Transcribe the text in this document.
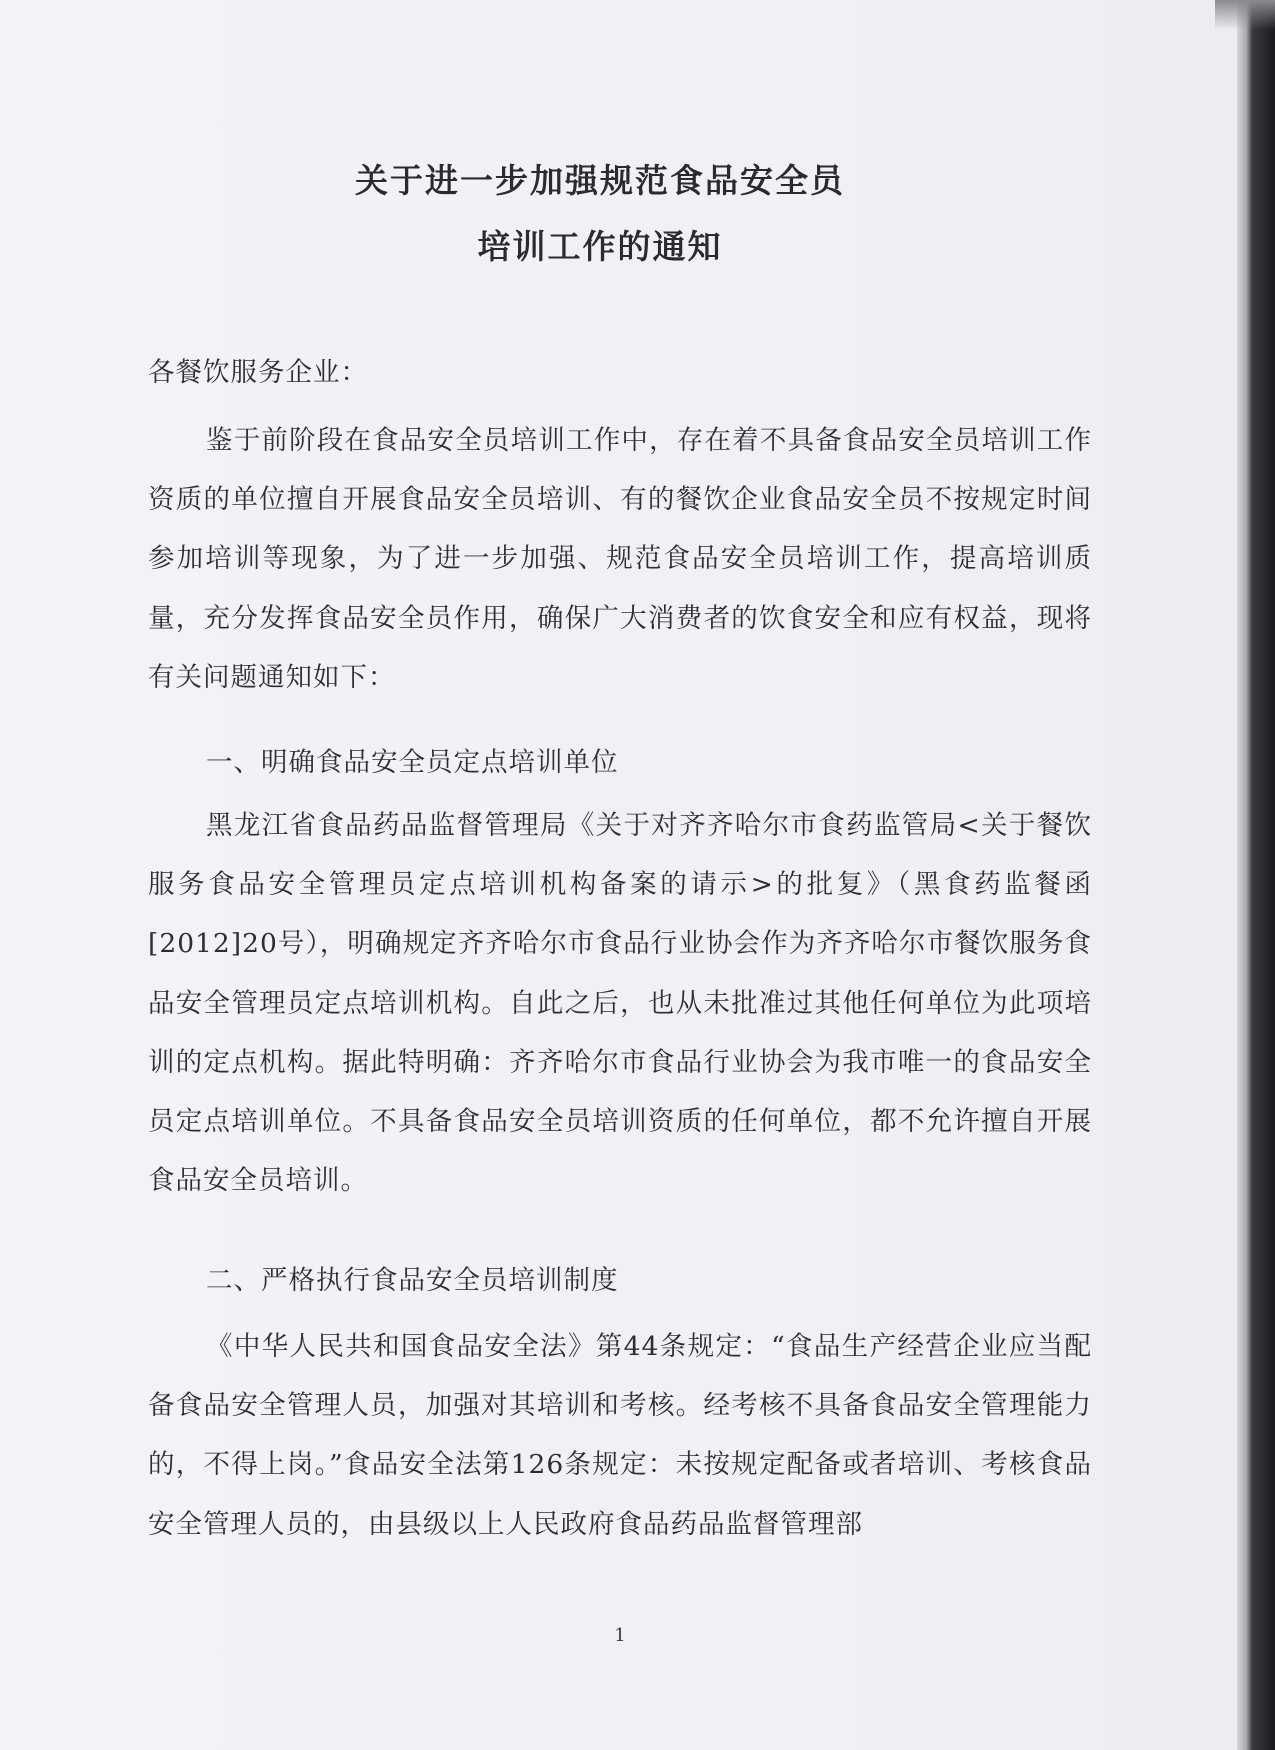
关于进一步加强规范食品安全员
培训工作的通知

各餐饮服务企业：

鉴于前阶段在食品安全员培训工作中，存在着不具备食品安全员培训工作资质的单位擅自开展食品安全员培训、有的餐饮企业食品安全员不按规定时间参加培训等现象，为了进一步加强、规范食品安全员培训工作，提高培训质量，充分发挥食品安全员作用，确保广大消费者的饮食安全和应有权益，现将有关问题通知如下：

一、明确食品安全员定点培训单位

黑龙江省食品药品监督管理局《关于对齐齐哈尔市食药监管局<关于餐饮服务食品安全管理员定点培训机构备案的请示>的批复》（黑食药监餐函[2012]20号），明确规定齐齐哈尔市食品行业协会作为齐齐哈尔市餐饮服务食品安全管理员定点培训机构。自此之后，也从未批准过其他任何单位为此项培训的定点机构。据此特明确：齐齐哈尔市食品行业协会为我市唯一的食品安全员定点培训单位。不具备食品安全员培训资质的任何单位，都不允许擅自开展食品安全员培训。

二、严格执行食品安全员培训制度

《中华人民共和国食品安全法》第44条规定：“食品生产经营企业应当配备食品安全管理人员，加强对其培训和考核。经考核不具备食品安全管理能力的，不得上岗。”食品安全法第126条规定：未按规定配备或者培训、考核食品安全管理人员的，由县级以上人民政府食品药品监督管理部

1
